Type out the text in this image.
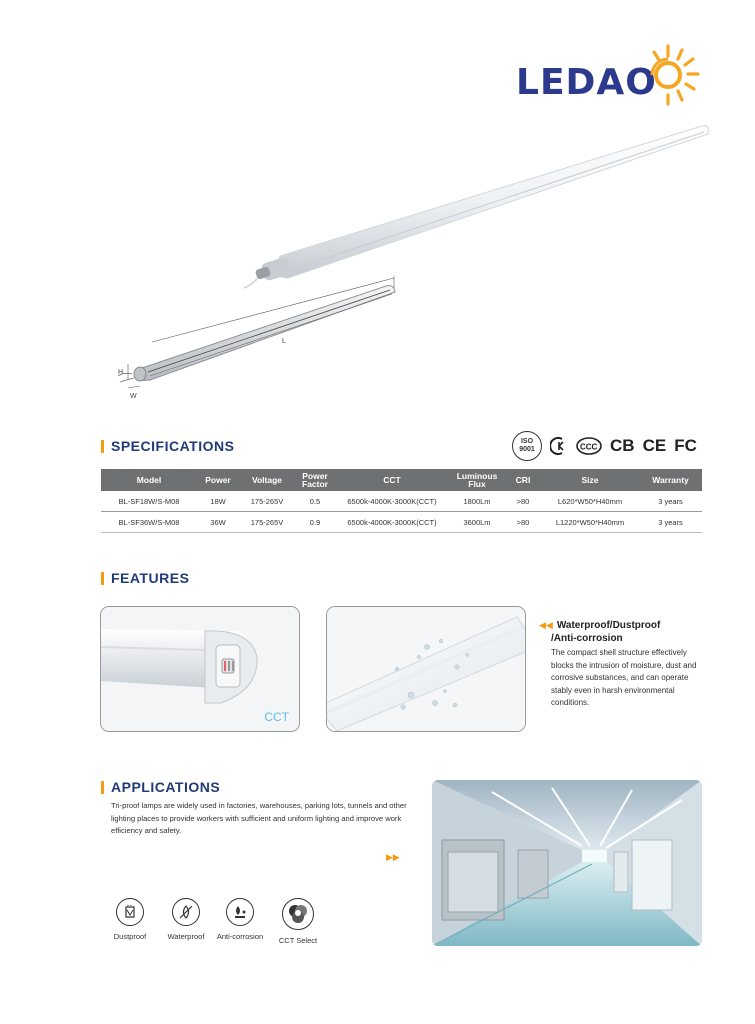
LEDAO
L
H
W
SPECIFICATIONS	ISO 9001	CCC CB CE FC
Model	Power	Voltage	Power Factor	CCT	Luminous Flux	CRI	Size	Warranty
BL-SF18W/S-M08	18W	175-265V	0.5	6500k-4000K-3000K(CCT)	1800Lm	>80	L620*W50*H40mm	3 years
BL-SF36W/S-M08	36W	175-265V	0.9	6500k-4000K-3000K(CCT)	3600Lm	>80	L1220*W50*H40mm	3 years
FEATURES
CCT
◀◀ Waterproof/Dustproof
/Anti-corrosion
The compact shell structure effectively blocks the intrusion of moisture, dust and corrosive substances, and can operate stably even in harsh environmental conditions.
APPLICATIONS
Tri-proof lamps are widely used in factories, warehouses, parking lots, tunnels and other lighting places to provide workers with sufficient and uniform lighting and improve work efficiency and safety.
▶▶
Dustproof	Waterproof	Anti-corrosion	CCT Select
